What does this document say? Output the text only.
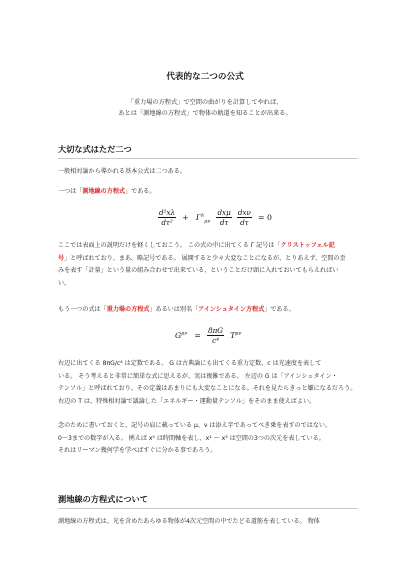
代表的な二つの公式
「重力場の方程式」で空間の曲がりを計算してやれば、
あとは「測地線の方程式」で物体の軌道を知ることが出来る。
大切な式はただ二つ
一般相対論から導かれる基本公式は二つある。
一つは「測地線の方程式」である。
$\frac{\text{d²xλ}}{\text{dτ²}} + \Gamma^\lambda_{\mu\nu} \frac{\text{dxμ}}{d\tau}$
$\frac{\text{dxν}}{d\tau} = 0$
ここでは表面上の説明だけを軽くしておこう。 この式の中に出てくる Γ 記号は「クリストッフェル記
号」と呼ばれており、まあ、略記号である。 展開すると少々大変なことになるが、とりあえず、空間の歪
みを表す「計量」という量の組み合わせで出来ている、ということだけ頭に入れておいてもらえればい
い。
もう一つの式は「重力場の方程式」あるいは別名「アインシュタイン方程式」である。
$G^{\mu\nu} = \frac{8\pi G}{\text{c⁴}} T^{\mu\nu}$
右辺に出てくる 8πG/c⁴ は定数である。 G は古典論にも出てくる重力定数、c は光速度を表して
いる。 そう考えると非常に簡単な式に思えるが、実は複雑である。 左辺の G は「アインシュタイン・
テンソル」と呼ばれており、その定義はあまりにも大変なことになる。それを見たらきっと嫌になるだろう。
右辺の T は、特殊相対論で議論した「エネルギー・運動量テンソル」をそのまま使えばよい。
念のために書いておくと、記号の肩に載っている μ、ν は添え字であってべき乗を表すのではない。
0〜3までの数字が入る。 例えば x⁰ は時間軸を表し、x¹ 〜 x³ は空間の3つの次元を表している。
それはリーマン幾何学を学べばすぐに分かる事であろう。
測地線の方程式について
測地線の方程式は、光を含めたあらゆる物体が4次元空間の中でたどる道筋を表している。 物体
